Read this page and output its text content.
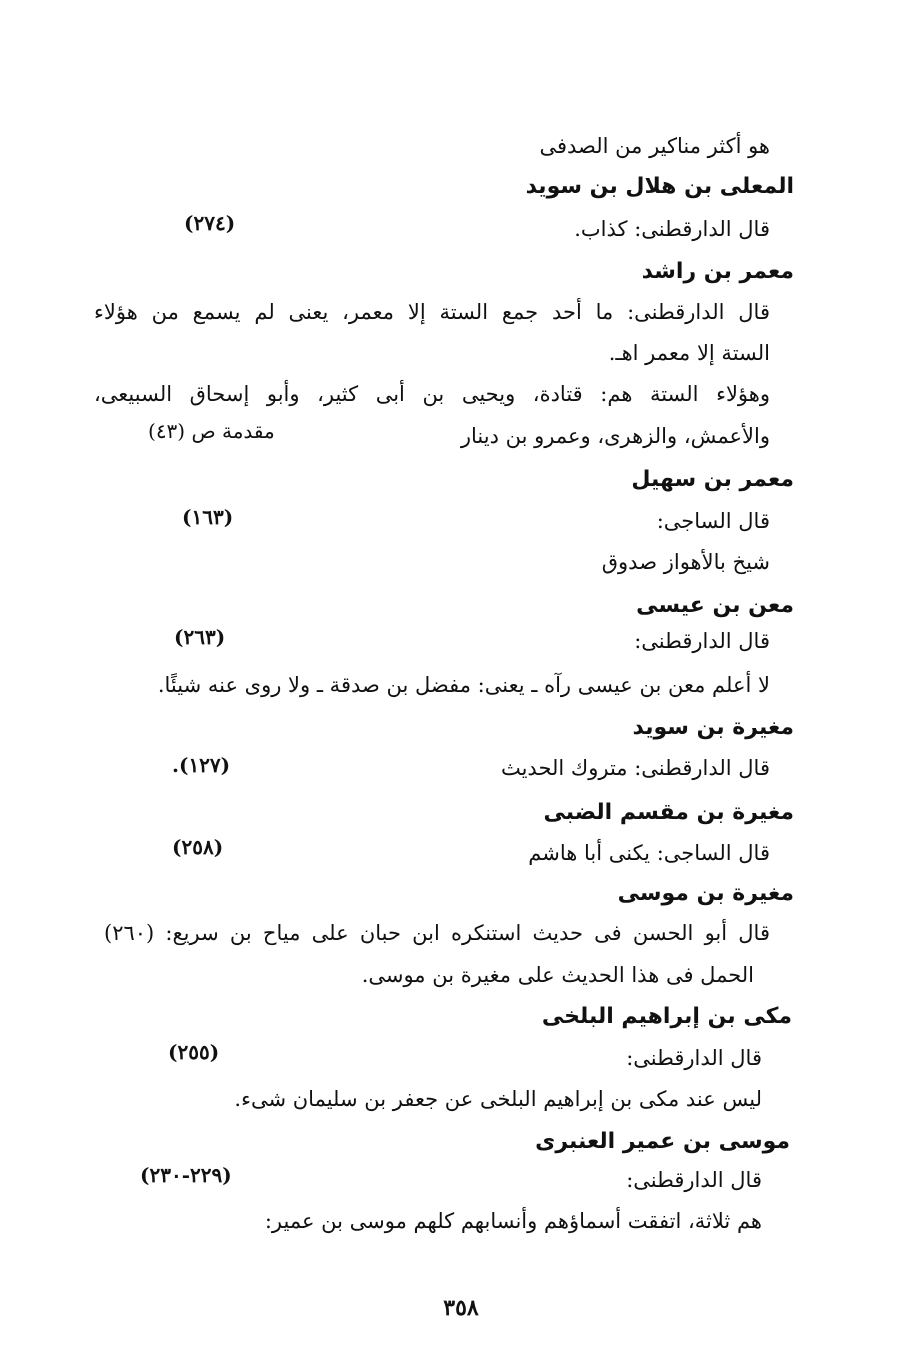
هو أكثر مناكير من الصدفى
المعلى بن هلال بن سويد
قال الدارقطنى: كذاب.
(٢٧٤)
معمر بن راشد
قال الدارقطنى: ما أحد جمع الستة إلا معمر، يعنى لم يسمع من هؤلاء
الستة إلا معمر اهـ.
وهؤلاء الستة هم: قتادة، ويحيى بن أبى كثير، وأبو إسحاق السبيعى،
والأعمش، والزهرى، وعمرو بن دينار
مقدمة ص (٤٣)
معمر بن سهيل
قال الساجى:
(١٦٣)
شيخ بالأهواز صدوق
معن بن عيسى
قال الدارقطنى:
(٢٦٣)
لا أعلم معن بن عيسى رآه ـ يعنى: مفضل بن صدقة ـ ولا روى عنه شيئًا.
مغيرة بن سويد
قال الدارقطنى: متروك الحديث
(١٢٧).
مغيرة بن مقسم الضبى
قال الساجى: يكنى أبا هاشم
(٢٥٨)
مغيرة بن موسى
قال أبو الحسن فى حديث استنكره ابن حبان على مياح بن سريع: (٢٦٠)
الحمل فى هذا الحديث على مغيرة بن موسى.
مكى بن إبراهيم البلخى
قال الدارقطنى:
(٢٥٥)
ليس عند مكى بن إبراهيم البلخى عن جعفر بن سليمان شىء.
موسى بن عمير العنبرى
قال الدارقطنى:
(٢٢٩-٢٣٠)
هم ثلاثة، اتفقت أسماؤهم وأنسابهم كلهم موسى بن عمير:
٣٥٨
